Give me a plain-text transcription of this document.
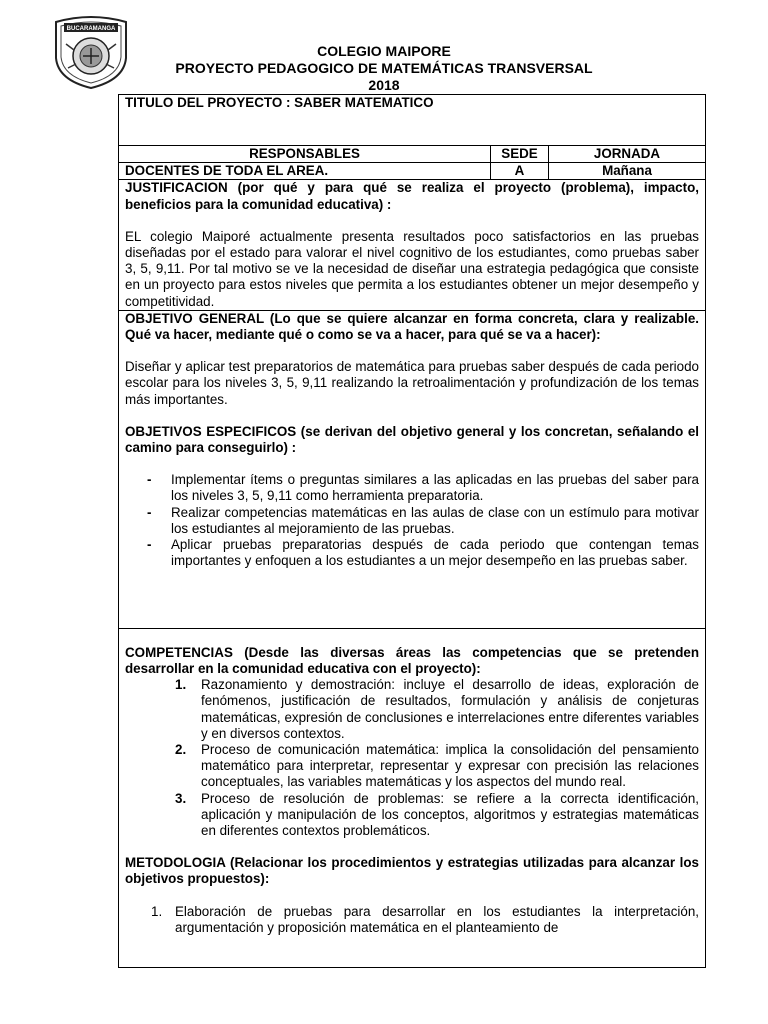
BUCARAMANGA
COLEGIO MAIPORE
PROYECTO PEDAGOGICO DE MATEMÁTICAS TRANSVERSAL
2018
TITULO DEL PROYECTO : SABER MATEMATICO
RESPONSABLES	SEDE	JORNADA
DOCENTES DE TODA EL AREA.	A	Mañana
JUSTIFICACION (por qué y para qué se realiza el proyecto (problema), impacto, beneficios para la comunidad educativa) :
EL colegio Maiporé actualmente presenta resultados poco satisfactorios en las pruebas diseñadas por el estado para valorar el nivel cognitivo de los estudiantes, como pruebas saber 3, 5, 9,11. Por tal motivo se ve la necesidad de diseñar una estrategia pedagógica que consiste en un proyecto para estos niveles que permita a los estudiantes obtener un mejor desempeño y competitividad.
OBJETIVO GENERAL (Lo que se quiere alcanzar en forma concreta, clara y realizable. Qué va hacer, mediante qué o como se va a hacer, para qué se va a hacer):
Diseñar y aplicar test preparatorios de matemática para pruebas saber después de cada periodo escolar para los niveles 3, 5, 9,11 realizando la retroalimentación y profundización de los temas más importantes.
OBJETIVOS ESPECIFICOS (se derivan del objetivo general y los concretan, señalando el camino para conseguirlo) :
- Implementar ítems o preguntas similares a las aplicadas en las pruebas del saber para los niveles 3, 5, 9,11 como herramienta preparatoria.
- Realizar competencias matemáticas en las aulas de clase con un estímulo para motivar los estudiantes al mejoramiento de las pruebas.
- Aplicar pruebas preparatorias después de cada periodo que contengan temas importantes y enfoquen a los estudiantes a un mejor desempeño en las pruebas saber.
COMPETENCIAS (Desde las diversas áreas las competencias que se pretenden desarrollar en la comunidad educativa con el proyecto):
1. Razonamiento y demostración: incluye el desarrollo de ideas, exploración de fenómenos, justificación de resultados, formulación y análisis de conjeturas matemáticas, expresión de conclusiones e interrelaciones entre diferentes variables y en diversos contextos.
2. Proceso de comunicación matemática: implica la consolidación del pensamiento matemático para interpretar, representar y expresar con precisión las relaciones conceptuales, las variables matemáticas y los aspectos del mundo real.
3. Proceso de resolución de problemas: se refiere a la correcta identificación, aplicación y manipulación de los conceptos, algoritmos y estrategias matemáticas en diferentes contextos problemáticos.
METODOLOGIA (Relacionar los procedimientos y estrategias utilizadas para alcanzar los objetivos propuestos):
1. Elaboración de pruebas para desarrollar en los estudiantes la interpretación, argumentación y proposición matemática en el planteamiento de
